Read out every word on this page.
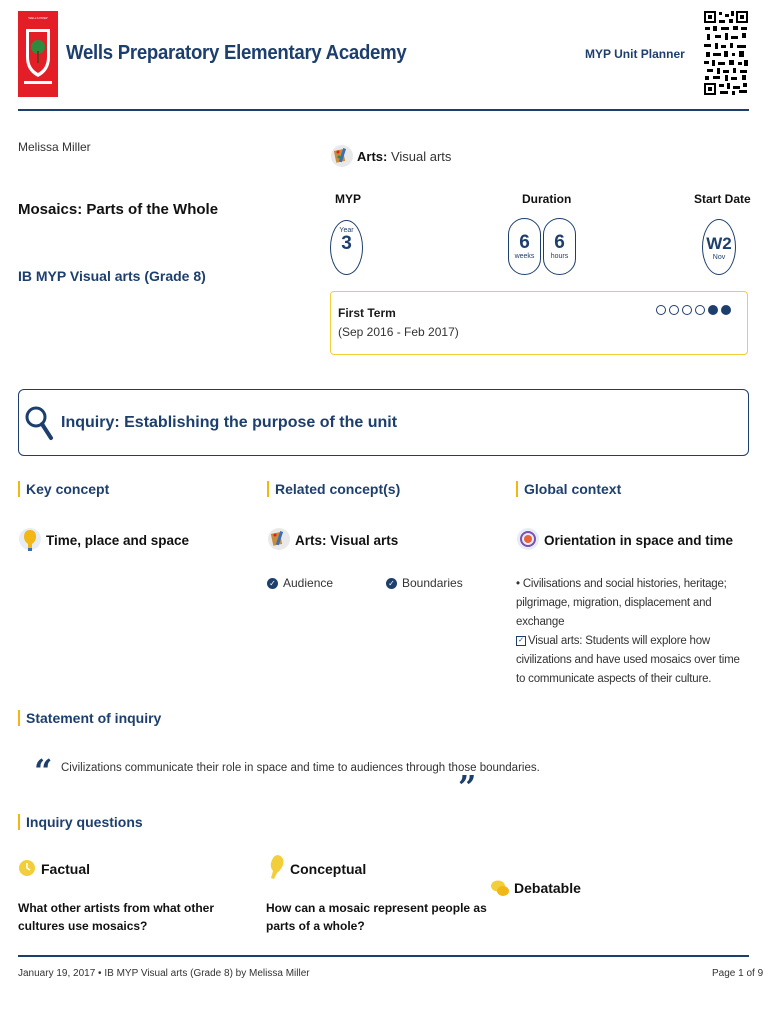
WELLS PREP
Wells Preparatory Elementary Academy	MYP Unit Planner
Melissa Miller
Mosaics: Parts of the Whole
IB MYP Visual arts (Grade 8)
Arts: Visual arts
MYP
Year
3
Duration
6
weeks
6
hours
Start Date
W2
Nov
First Term
(Sep 2016 - Feb 2017)
Inquiry: Establishing the purpose of the unit
Key concept	Related concept(s)	Global context
Time, place and space	Arts: Visual arts
✓ Audience	✓ Boundaries
Orientation in space and time
• Civilisations and social histories, heritage; pilgrimage, migration, displacement and exchange
✓ Visual arts: Students will explore how civilizations and have used mosaics over time to communicate aspects of their culture.
Statement of inquiry
“ Civilizations communicate their role in space and time to audiences through those boundaries.
”
Inquiry questions
Factual
What other artists from what other cultures use mosaics?
Conceptual
How can a mosaic represent people as parts of a whole?
Debatable
January 19, 2017 • IB MYP Visual arts (Grade 8) by Melissa Miller	Page 1 of 9
